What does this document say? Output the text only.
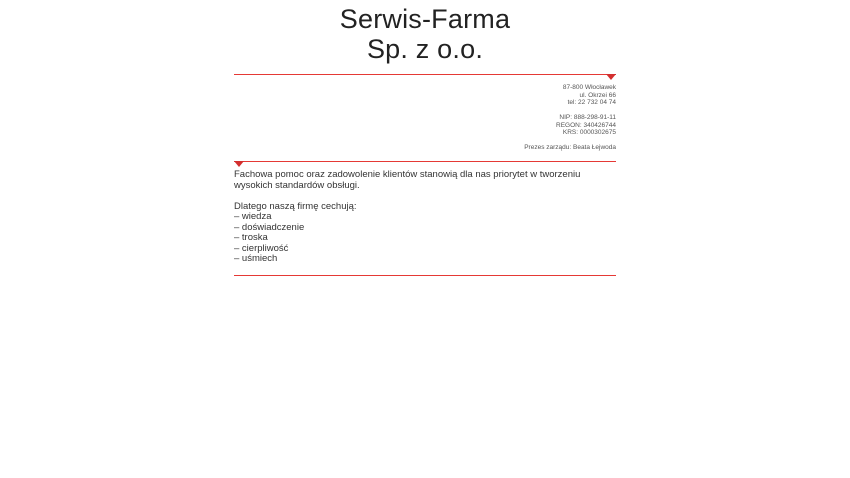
Serwis-Farma
Sp. z o.o.
87-800 Włocławek
ul. Okrzei 66
tel: 22 732 04 74
NIP: 888-298-91-11
REGON: 340426744
KRS: 0000302675
Prezes zarządu: Beata Łejwoda

Fachowa pomoc oraz zadowolenie klientów stanowią dla nas priorytet w tworzeniu wysokich standardów obsługi.

Dlatego naszą firmę cechują:

– wiedza

– doświadczenie

– troska

– cierpliwość

– uśmiech
